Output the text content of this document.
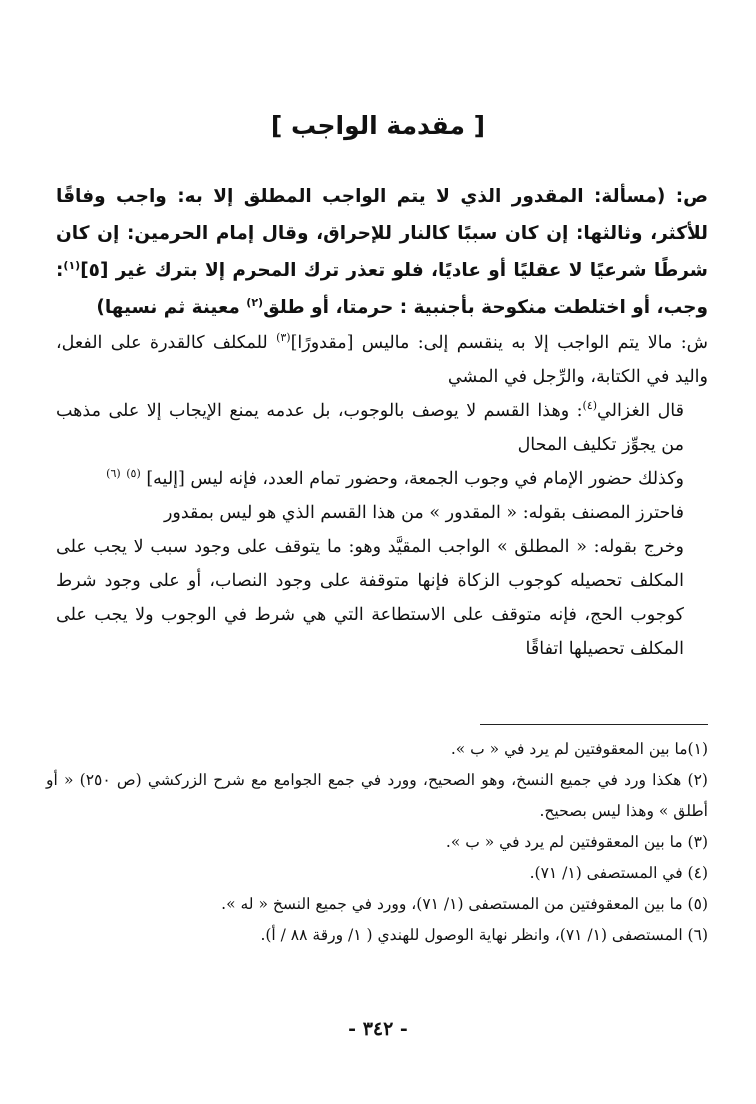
[ مقدمة الواجب ]

ص: (مسألة: المقدور الذي لا يتم الواجب المطلق إلا به: واجب وفاقًا للأكثر، وثالثها: إن كان سببًا كالنار للإحراق، وقال إمام الحرمين: إن كان شرطًا شرعيًا لا عقليًا أو عاديًا، فلو تعذر ترك المحرم إلا بترك غير [٥]$^{(١)}$: وجب، أو اختلطت منكوحة بأجنبية : حرمتا، أو طلق$^{(٢)}$ معينة ثم نسيها)

ش: مالا يتم الواجب إلا به ينقسم إلى: ماليس [مقدورًا]$^{(٣)}$ للمكلف كالقدرة على الفعل، واليد في الكتابة، والرِّجل في المشي

قال الغزالي$^{(٤)}$: وهذا القسم لا يوصف بالوجوب، بل عدمه يمنع الإيجاب إلا على مذهب من يجوِّز تكليف المحال

وكذلك حضور الإمام في وجوب الجمعة، وحضور تمام العدد، فإنه ليس [إليه] $^{(٥)}$ $^{(٦)}$

فاحترز المصنف بقوله: « المقدور » من هذا القسم الذي هو ليس بمقدور

وخرج بقوله: « المطلق » الواجب المقيَّد وهو: ما يتوقف على وجود سبب لا يجب على المكلف تحصيله كوجوب الزكاة فإنها متوقفة على وجود النصاب، أو على وجود شرط كوجوب الحج، فإنه متوقف على الاستطاعة التي هي شرط في الوجوب ولا يجب على المكلف تحصيلها اتفاقًا

(١)ما بين المعقوفتين لم يرد في « ب ».

(٢) هكذا ورد في جميع النسخ، وهو الصحيح، وورد في جمع الجوامع مع شرح الزركشي (ص ٢٥٠) « أو أطلق » وهذا ليس بصحيح.

(٣) ما بين المعقوفتين لم يرد في « ب ».

(٤) في المستصفى (١/ ٧١).

(٥) ما بين المعقوفتين من المستصفى (١/ ٧١)، وورد في جميع النسخ « له ».

(٦) المستصفى (١/ ٧١)، وانظر نهاية الوصول للهندي ( ١/ ورقة ٨٨ / أ).

- ٣٤٢ -
